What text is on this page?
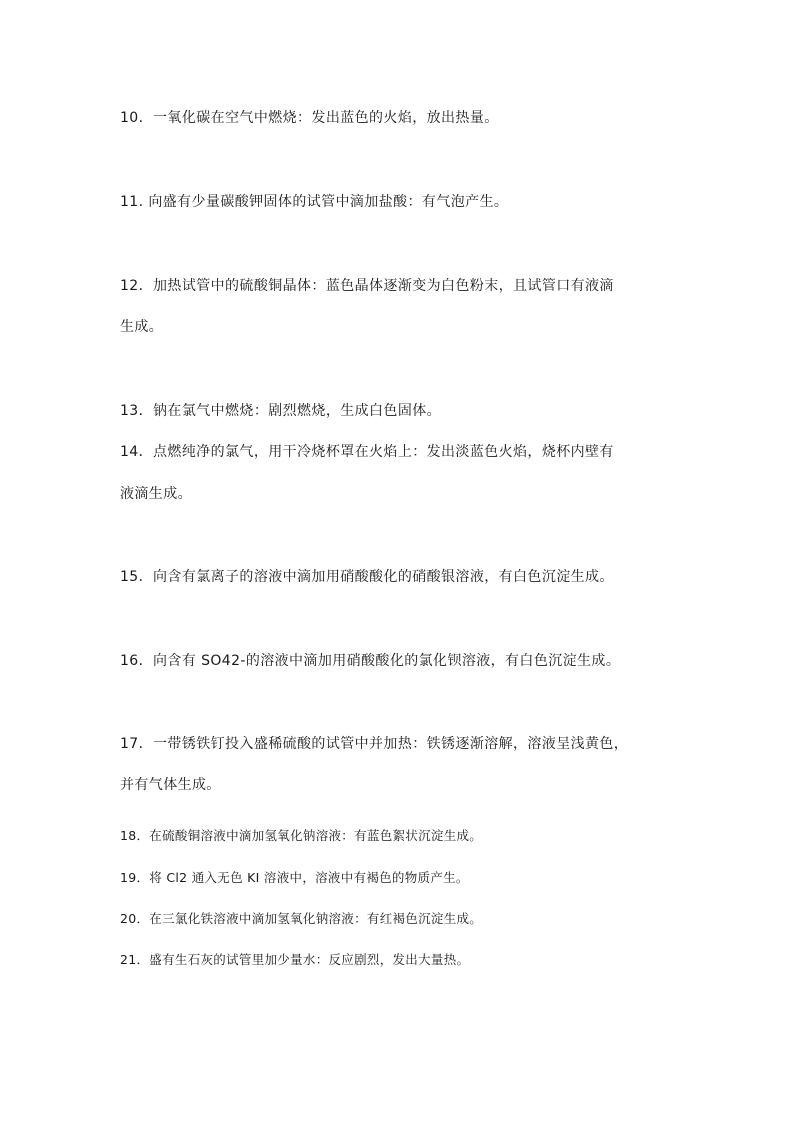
10．一氧化碳在空气中燃烧：发出蓝色的火焰，放出热量。
11. 向盛有少量碳酸钾固体的试管中滴加盐酸：有气泡产生。
12．加热试管中的硫酸铜晶体：蓝色晶体逐渐变为白色粉末，且试管口有液滴
生成。
13．钠在氯气中燃烧：剧烈燃烧，生成白色固体。
14．点燃纯净的氯气，用干冷烧杯罩在火焰上：发出淡蓝色火焰，烧杯内壁有
液滴生成。
15．向含有氯离子的溶液中滴加用硝酸酸化的硝酸银溶液，有白色沉淀生成。
16．向含有 SO42-的溶液中滴加用硝酸酸化的氯化钡溶液，有白色沉淀生成。
17．一带锈铁钉投入盛稀硫酸的试管中并加热：铁锈逐渐溶解，溶液呈浅黄色，
并有气体生成。
18．在硫酸铜溶液中滴加氢氧化钠溶液：有蓝色絮状沉淀生成。
19．将 Cl2 通入无色 KI 溶液中，溶液中有褐色的物质产生。
20．在三氯化铁溶液中滴加氢氧化钠溶液：有红褐色沉淀生成。
21．盛有生石灰的试管里加少量水：反应剧烈，发出大量热。
